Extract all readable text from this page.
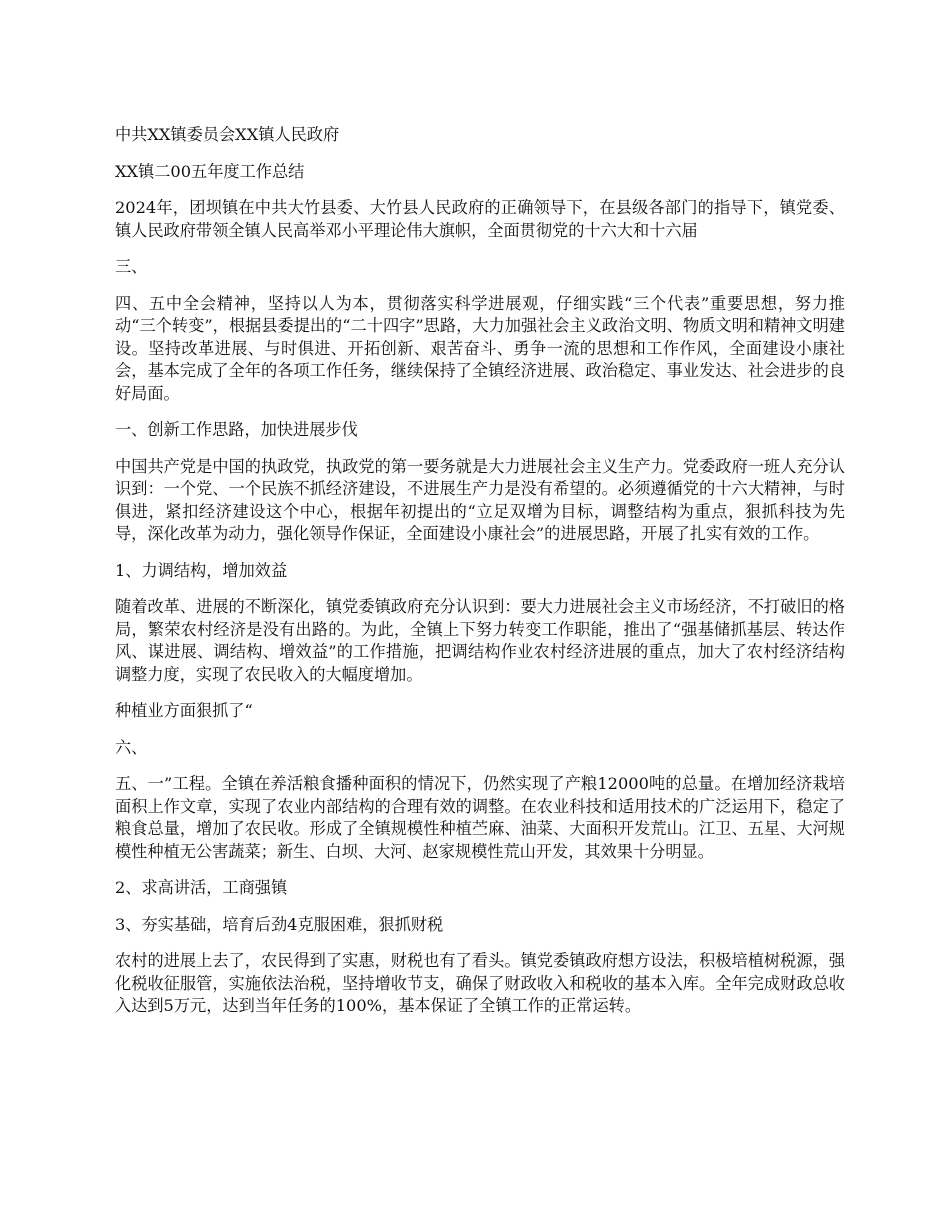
中共XX镇委员会XX镇人民政府

XX镇二00五年度工作总结

2024年，团坝镇在中共大竹县委、大竹县人民政府的正确领导下，在县级各部门的指导下，镇党委、镇人民政府带领全镇人民高举邓小平理论伟大旗帜，全面贯彻党的十六大和十六届

三、

四、五中全会精神，坚持以人为本，贯彻落实科学进展观，仔细实践“三个代表”重要思想，努力推动“三个转变”，根据县委提出的“二十四字”思路，大力加强社会主义政治文明、物质文明和精神文明建设。坚持改革进展、与时俱进、开拓创新、艰苦奋斗、勇争一流的思想和工作作风，全面建设小康社会，基本完成了全年的各项工作任务，继续保持了全镇经济进展、政治稳定、事业发达、社会进步的良好局面。

一、创新工作思路，加快进展步伐

中国共产党是中国的执政党，执政党的第一要务就是大力进展社会主义生产力。党委政府一班人充分认识到：一个党、一个民族不抓经济建设，不进展生产力是没有希望的。必须遵循党的十六大精神，与时俱进，紧扣经济建设这个中心，根据年初提出的“立足双增为目标，调整结构为重点，狠抓科技为先导，深化改革为动力，强化领导作保证，全面建设小康社会”的进展思路，开展了扎实有效的工作。

1、力调结构，增加效益

随着改革、进展的不断深化，镇党委镇政府充分认识到：要大力进展社会主义市场经济，不打破旧的格局，繁荣农村经济是没有出路的。为此，全镇上下努力转变工作职能，推出了“强基储抓基层、转达作风、谋进展、调结构、增效益”的工作措施，把调结构作业农村经济进展的重点，加大了农村经济结构调整力度，实现了农民收入的大幅度增加。

种植业方面狠抓了“

六、

五、一”工程。全镇在养活粮食播种面积的情况下，仍然实现了产粮12000吨的总量。在增加经济栽培面积上作文章，实现了农业内部结构的合理有效的调整。在农业科技和适用技术的广泛运用下，稳定了粮食总量，增加了农民收。形成了全镇规模性种植苎麻、油菜、大面积开发荒山。江卫、五星、大河规模性种植无公害蔬菜；新生、白坝、大河、赵家规模性荒山开发，其效果十分明显。

2、求高讲活，工商强镇

3、夯实基础，培育后劲4克服困难，狠抓财税

农村的进展上去了，农民得到了实惠，财税也有了看头。镇党委镇政府想方设法，积极培植树税源，强化税收征服管，实施依法治税，坚持增收节支，确保了财政收入和税收的基本入库。全年完成财政总收入达到5万元，达到当年任务的100%，基本保证了全镇工作的正常运转。
